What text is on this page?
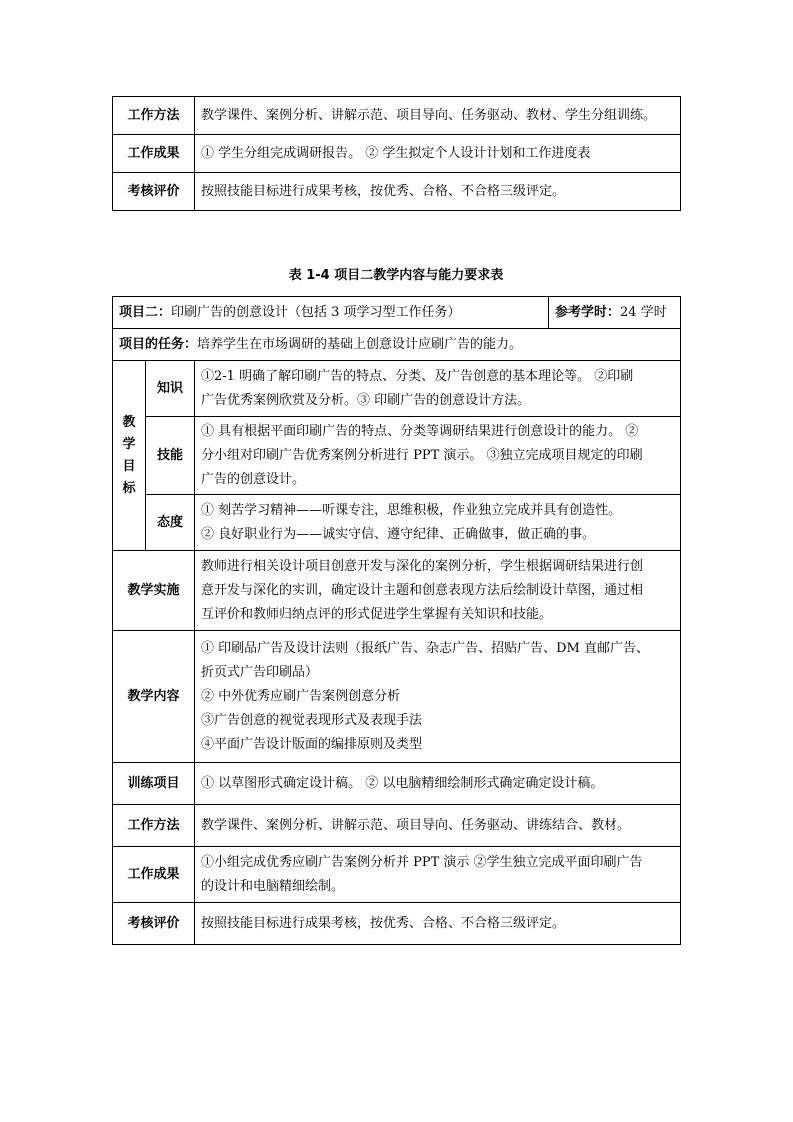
工作方法	教学课件、案例分析、讲解示范、项目导向、任务驱动、教材、学生分组训练。
工作成果	① 学生分组完成调研报告。 ② 学生拟定个人设计计划和工作进度表
考核评价	按照技能目标进行成果考核，按优秀、合格、不合格三级评定。
表 1-4 项目二教学内容与能力要求表
项目二：印刷广告的创意设计（包括 3 项学习型工作任务）			参考学时：24 学时
项目的任务：培养学生在市场调研的基础上创意设计应刷广告的能力。			

教
学
目
标	知识	①2-1 明确了解印刷广告的特点、分类、及广告创意的基本理论等。 ②印刷
广告优秀案例欣赏及分析。③ 印刷广告的创意设计方法。	

	技能	① 具有根据平面印刷广告的特点、分类等调研结果进行创意设计的能力。 ②
分小组对印刷广告优秀案例分析进行 PPT 演示。 ③独立完成项目规定的印刷
广告的创意设计。	

	态度	① 刻苦学习精神——听课专注，思维积极，作业独立完成并具有创造性。
② 良好职业行为——诚实守信、遵守纪律、正确做事，做正确的事。	

教学实施		教师进行相关设计项目创意开发与深化的案例分析，学生根据调研结果进行创
意开发与深化的实训，确定设计主题和创意表现方法后绘制设计草图，通过相
互评价和教师归纳点评的形式促进学生掌握有关知识和技能。	

教学内容		① 印刷品广告及设计法则（报纸广告、杂志广告、招贴广告、DM 直邮广告、
折页式广告印刷品）
② 中外优秀应刷广告案例创意分析
③广告创意的视觉表现形式及表现手法
④平面广告设计版面的编排原则及类型	

训练项目		① 以草图形式确定设计稿。 ② 以电脑精细绘制形式确定确定设计稿。	
工作方法		教学课件、案例分析、讲解示范、项目导向、任务驱动、讲练结合、教材。	
工作成果		①小组完成优秀应刷广告案例分析并 PPT 演示 ②学生独立完成平面印刷广告
的设计和电脑精细绘制。	

考核评价		按照技能目标进行成果考核，按优秀、合格、不合格三级评定。	
